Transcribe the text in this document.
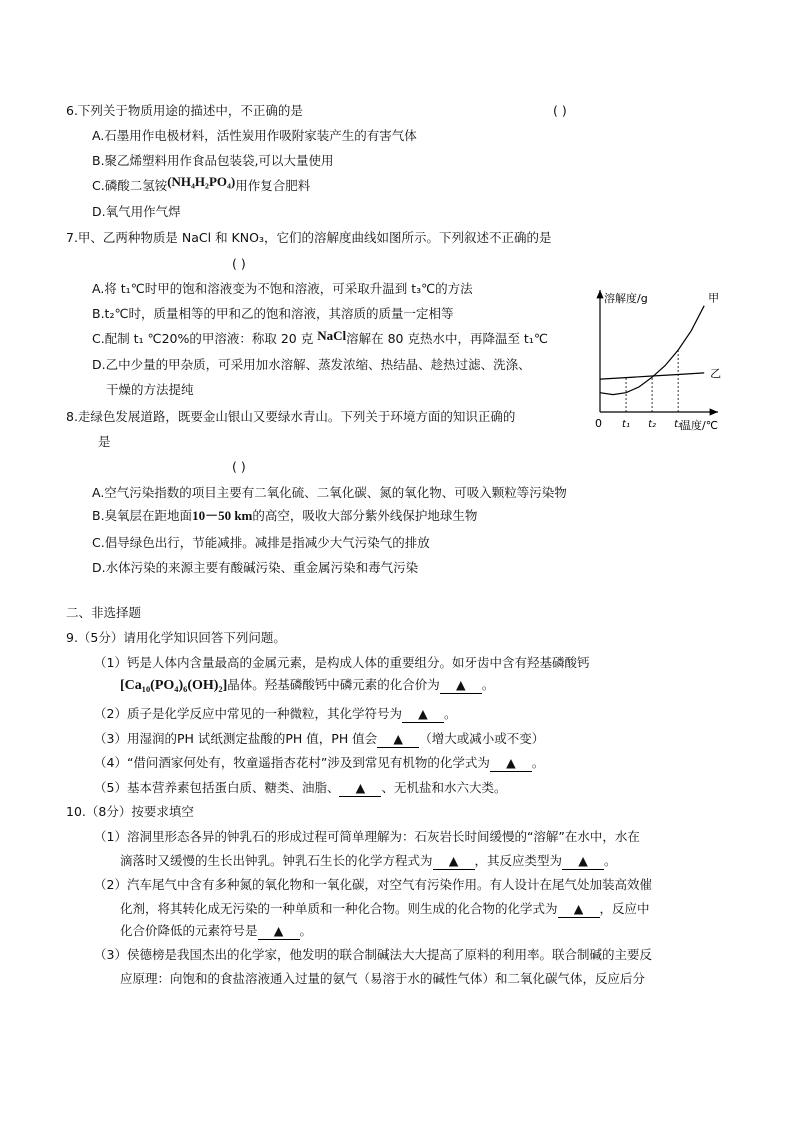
6.下列关于物质用途的描述中，不正确的是	( )
A.石墨用作电极材料，活性炭用作吸附家装产生的有害气体
B.聚乙烯塑料用作食品包装袋,可以大量使用
C.磷酸二氢铵(NH₄H₂PO₄)用作复合肥料
D.氧气用作气焊
7.甲、乙两种物质是 NaCl 和 KNO₃，它们的溶解度曲线如图所示。下列叙述不正确的是
( )
A.将 t₁℃时甲的饱和溶液变为不饱和溶液，可采取升温到 t₃℃的方法
B.t₂℃时，质量相等的甲和乙的饱和溶液，其溶质的质量一定相等
C.配制 t₁ ℃20%的甲溶液：称取 20 克 NaCl溶解在 80 克热水中，再降温至 t₁℃
D.乙中少量的甲杂质，可采用加水溶解、蒸发浓缩、热结晶、趁热过滤、洗涤、
干燥的方法提纯
溶解度/g
温度/℃
0 t₁ t₂ t₃
甲
乙
8.走绿色发展道路，既要金山银山又要绿水青山。下列关于环境方面的知识正确的
是
( )
A.空气污染指数的项目主要有二氧化硫、二氧化碳、氮的氧化物、可吸入颗粒等污染物
B.臭氧层在距地面10－50 km的高空，吸收大部分紫外线保护地球生物
C.倡导绿色出行，节能减排。减排是指减少大气污染气的排放
D.水体污染的来源主要有酸碱污染、重金属污染和毒气污染
二、非选择题
9.（5分）请用化学知识回答下列问题。
（1）钙是人体内含量最高的金属元素，是构成人体的重要组分。如牙齿中含有羟基磷酸钙
[Ca₁₀(PO₄)₆(OH)₂]晶体。羟基磷酸钙中磷元素的化合价为 ▲ 。
（2）质子是化学反应中常见的一种微粒，其化学符号为 ▲ 。
（3）用湿润的PH 试纸测定盐酸的PH 值，PH 值会 ▲ （增大或减小或不变）
（4）“借问酒家何处有，牧童遥指杏花村”涉及到常见有机物的化学式为 ▲ 。
（5）基本营养素包括蛋白质、糖类、油脂、 ▲ 、无机盐和水六大类。
10.（8分）按要求填空
（1）溶洞里形态各异的钟乳石的形成过程可简单理解为：石灰岩长时间缓慢的“溶解”在水中，水在
滴落时又缓慢的生长出钟乳。钟乳石生长的化学方程式为 ▲ ，其反应类型为 ▲ 。
（2）汽车尾气中含有多种氮的氧化物和一氧化碳，对空气有污染作用。有人设计在尾气处加装高效催
化剂，将其转化成无污染的一种单质和一种化合物。则生成的化合物的化学式为 ▲ ，反应中
化合价降低的元素符号是 ▲ 。
（3）侯德榜是我国杰出的化学家，他发明的联合制碱法大大提高了原料的利用率。联合制碱的主要反
应原理：向饱和的食盐溶液通入过量的氨气（易溶于水的碱性气体）和二氧化碳气体，反应后分
